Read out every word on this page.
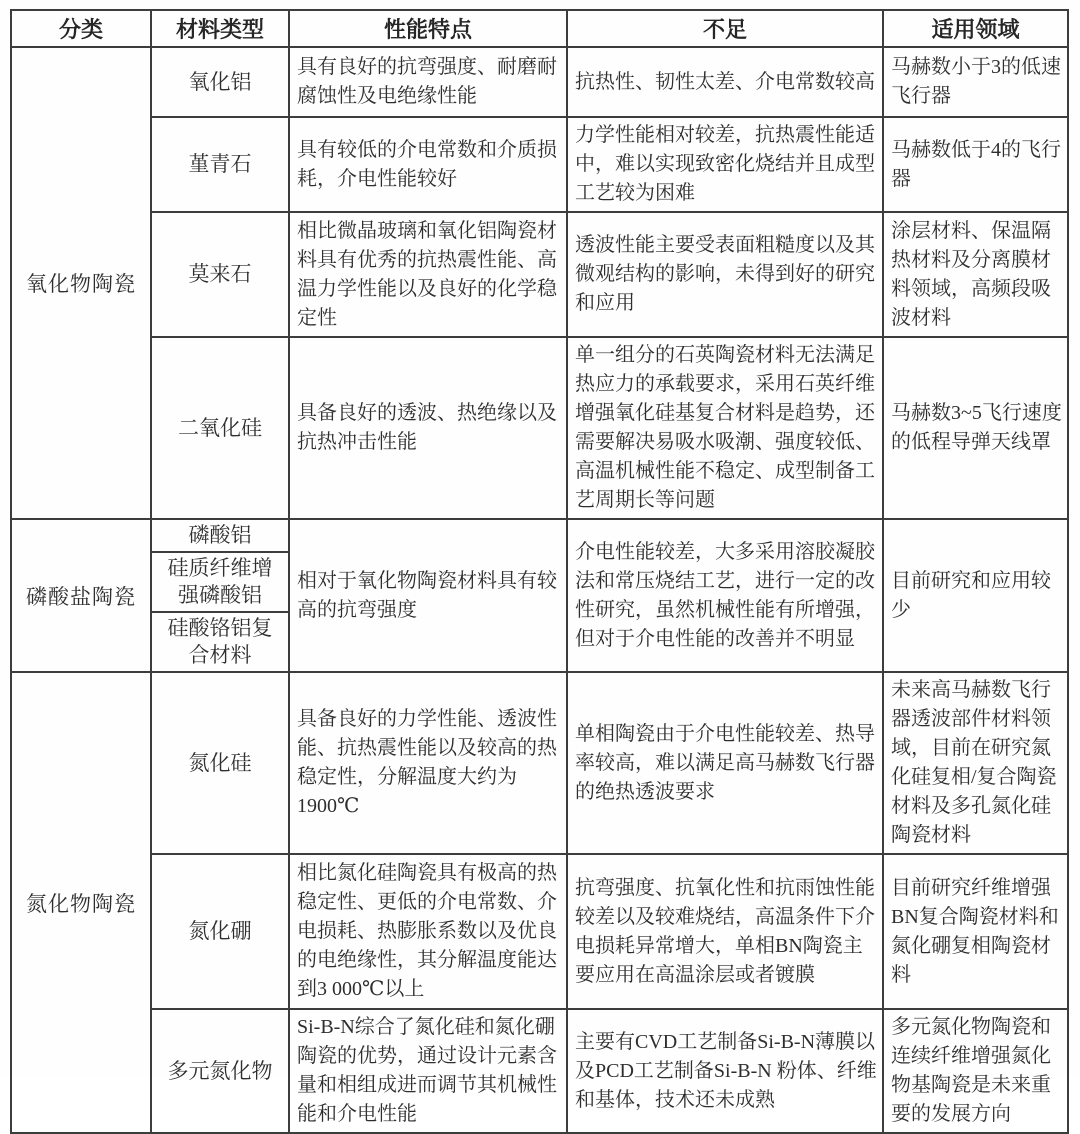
分类	材料类型	性能特点	不足	适用领域
氧化物陶瓷	氧化铝	具有良好的抗弯强度、耐磨耐腐蚀性及电绝缘性能	抗热性、韧性太差、介电常数较高	马赫数小于3的低速飞行器
	堇青石	具有较低的介电常数和介质损耗，介电性能较好	力学性能相对较差，抗热震性能适中，难以实现致密化烧结并且成型工艺较为困难	马赫数低于4的飞行器
	莫来石	相比微晶玻璃和氧化铝陶瓷材料具有优秀的抗热震性能、高温力学性能以及良好的化学稳定性	透波性能主要受表面粗糙度以及其微观结构的影响，未得到好的研究和应用	涂层材料、保温隔热材料及分离膜材料领域，高频段吸波材料
	二氧化硅	具备良好的透波、热绝缘以及抗热冲击性能	单一组分的石英陶瓷材料无法满足热应力的承载要求，采用石英纤维增强氧化硅基复合材料是趋势，还需要解决易吸水吸潮、强度较低、高温机械性能不稳定、成型制备工艺周期长等问题	马赫数3~5飞行速度的低程导弹天线罩
磷酸盐陶瓷	磷酸铝	相对于氧化物陶瓷材料具有较高的抗弯强度	介电性能较差，大多采用溶胶凝胶法和常压烧结工艺，进行一定的改性研究，虽然机械性能有所增强，但对于介电性能的改善并不明显	目前研究和应用较少
	硅质纤维增强磷酸铝			
	硅酸铬铝复合材料			
氮化物陶瓷	氮化硅	具备良好的力学性能、透波性能、抗热震性能以及较高的热稳定性，分解温度大约为1900℃	单相陶瓷由于介电性能较差、热导率较高，难以满足高马赫数飞行器的绝热透波要求	未来高马赫数飞行器透波部件材料领域，目前在研究氮化硅复相/复合陶瓷材料及多孔氮化硅陶瓷材料
	氮化硼	相比氮化硅陶瓷具有极高的热稳定性、更低的介电常数、介电损耗、热膨胀系数以及优良的电绝缘性，其分解温度能达到3 000℃以上	抗弯强度、抗氧化性和抗雨蚀性能较差以及较难烧结，高温条件下介电损耗异常增大，单相BN陶瓷主要应用在高温涂层或者镀膜	目前研究纤维增强BN复合陶瓷材料和氮化硼复相陶瓷材料
	多元氮化物	Si-B-N综合了氮化硅和氮化硼陶瓷的优势，通过设计元素含量和相组成进而调节其机械性能和介电性能	主要有CVD工艺制备Si-B-N薄膜以及PCD工艺制备Si-B-N 粉体、纤维和基体，技术还未成熟	多元氮化物陶瓷和连续纤维增强氮化物基陶瓷是未来重要的发展方向
